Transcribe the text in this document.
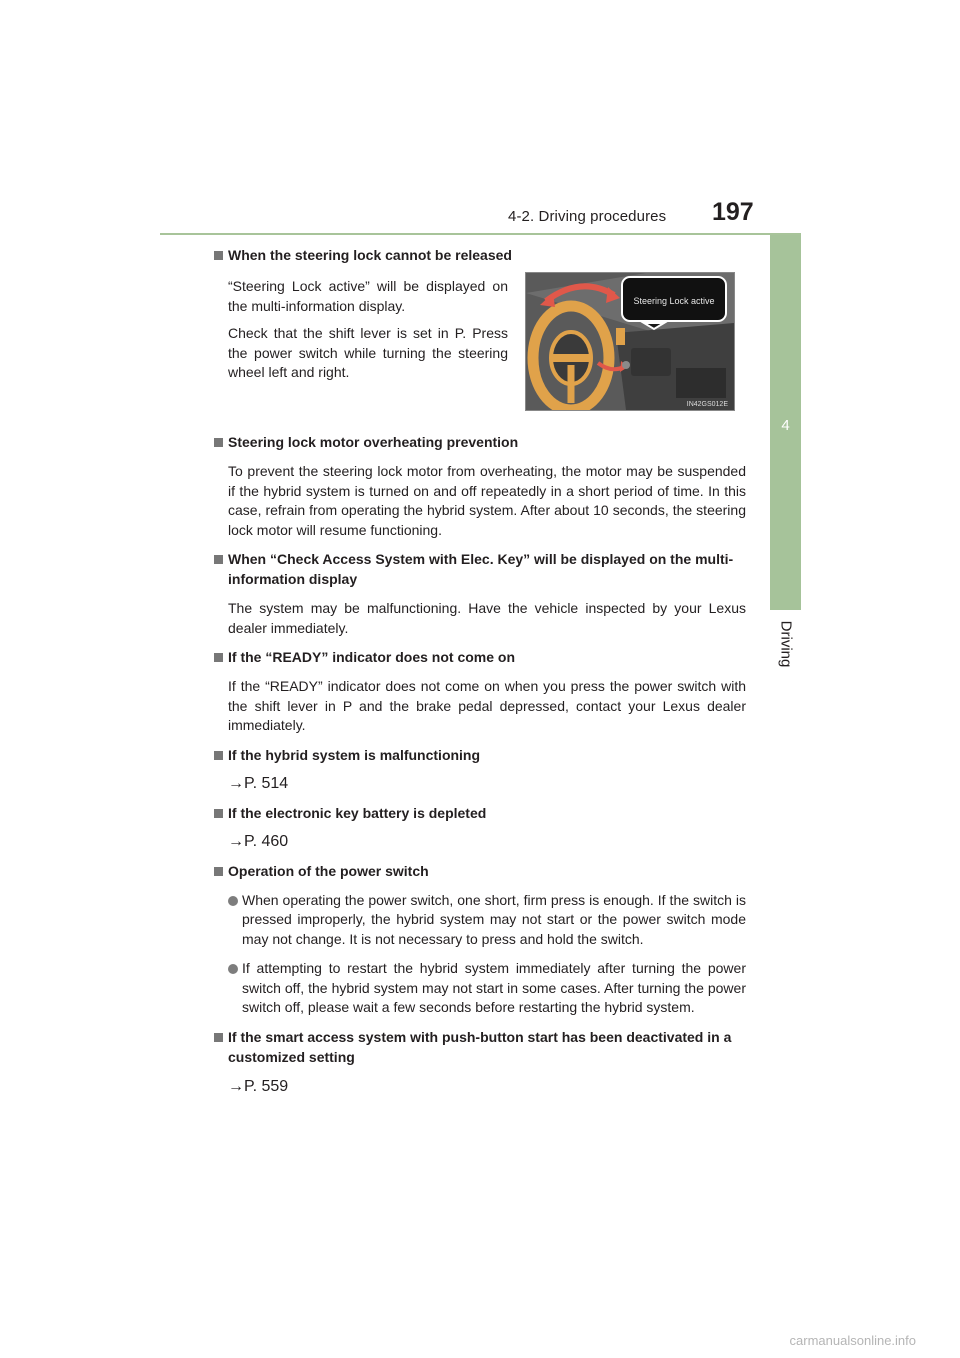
4-2. Driving procedures 197
4
Driving
Steering Lock active
IN42GS012E
When the steering lock cannot be released
“Steering Lock active” will be displayed on the multi-information display.
Check that the shift lever is set in P. Press the power switch while turning the steering wheel left and right.
Steering lock motor overheating prevention
To prevent the steering lock motor from overheating, the motor may be suspended if the hybrid system is turned on and off repeatedly in a short period of time. In this case, refrain from operating the hybrid system. After about 10 seconds, the steering lock motor will resume functioning.
When “Check Access System with Elec. Key” will be displayed on the multi-information display
The system may be malfunctioning. Have the vehicle inspected by your Lexus dealer immediately.
If the “READY” indicator does not come on
If the “READY” indicator does not come on when you press the power switch with the shift lever in P and the brake pedal depressed, contact your Lexus dealer immediately.
If the hybrid system is malfunctioning
→P. 514
If the electronic key battery is depleted
→P. 460
Operation of the power switch
When operating the power switch, one short, firm press is enough. If the switch is pressed improperly, the hybrid system may not start or the power switch mode may not change. It is not necessary to press and hold the switch.
If attempting to restart the hybrid system immediately after turning the power switch off, the hybrid system may not start in some cases. After turning the power switch off, please wait a few seconds before restarting the hybrid system.
If the smart access system with push-button start has been deactivated in a customized setting
→P. 559
carmanualsonline.info
